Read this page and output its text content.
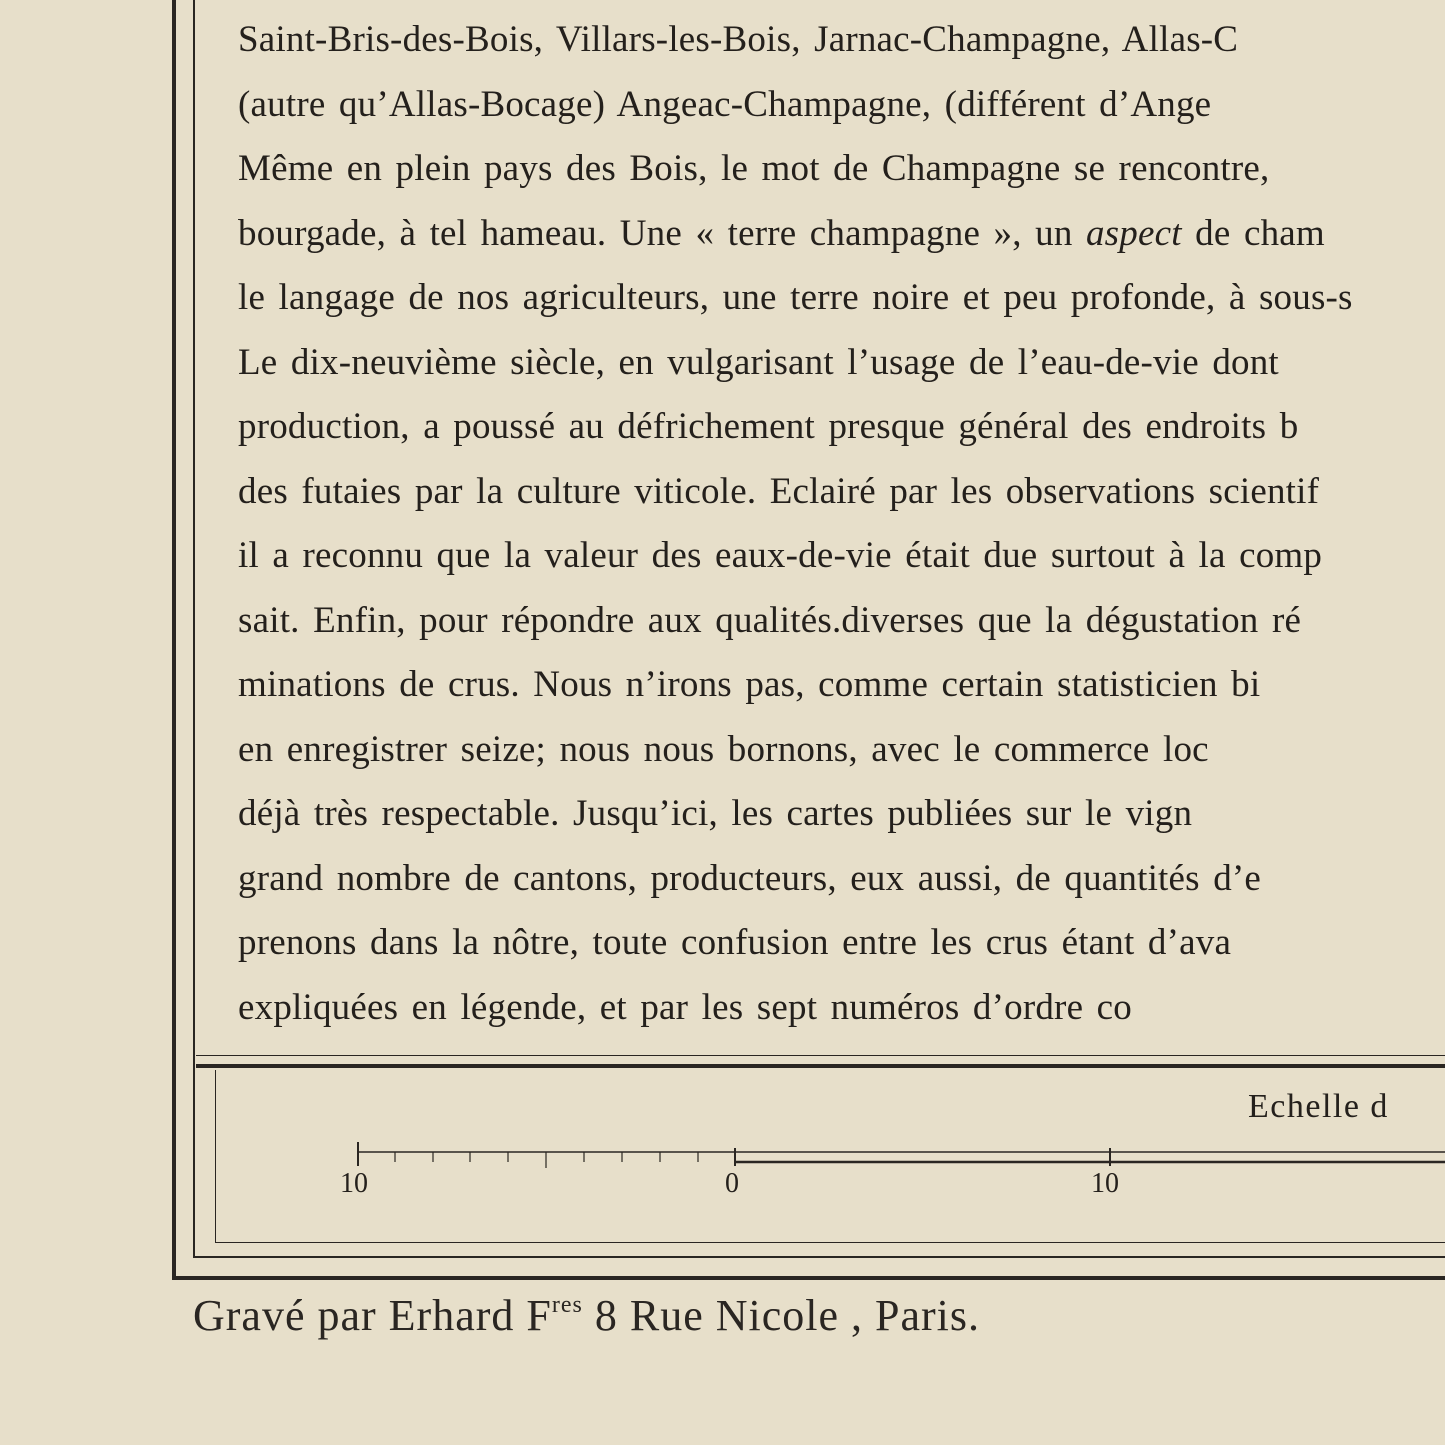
Saint-Bris-des-Bois, Villars-les-Bois, Jarnac-Champagne, Allas-C
(autre qu’Allas-Bocage) Angeac-Champagne, (différent d’Ange
Même en plein pays des Bois, le mot de Champagne se rencontre,
bourgade, à tel hameau. Une « terre champagne », un aspect de cham
le langage de nos agriculteurs, une terre noire et peu profonde, à sous-s
Le dix-neuvième siècle, en vulgarisant l’usage de l’eau-de-vie dont
production, a poussé au défrichement presque général des endroits b
des futaies par la culture viticole. Eclairé par les observations scientif
il a reconnu que la valeur des eaux-de-vie était due surtout à la comp
sait. Enfin, pour répondre aux qualités.diverses que la dégustation ré
minations de crus. Nous n’irons pas, comme certain statisticien bi
en enregistrer seize; nous nous bornons, avec le commerce loc
déjà très respectable. Jusqu’ici, les cartes publiées sur le vign
grand nombre de cantons, producteurs, eux aussi, de quantités d’e
prenons dans la nôtre, toute confusion entre les crus étant d’ava
expliquées en légende, et par les sept numéros d’ordre co
Echelle d
10	0	10
Gravé par Erhard $F^{res}$ 8 Rue Nicole , Paris.
